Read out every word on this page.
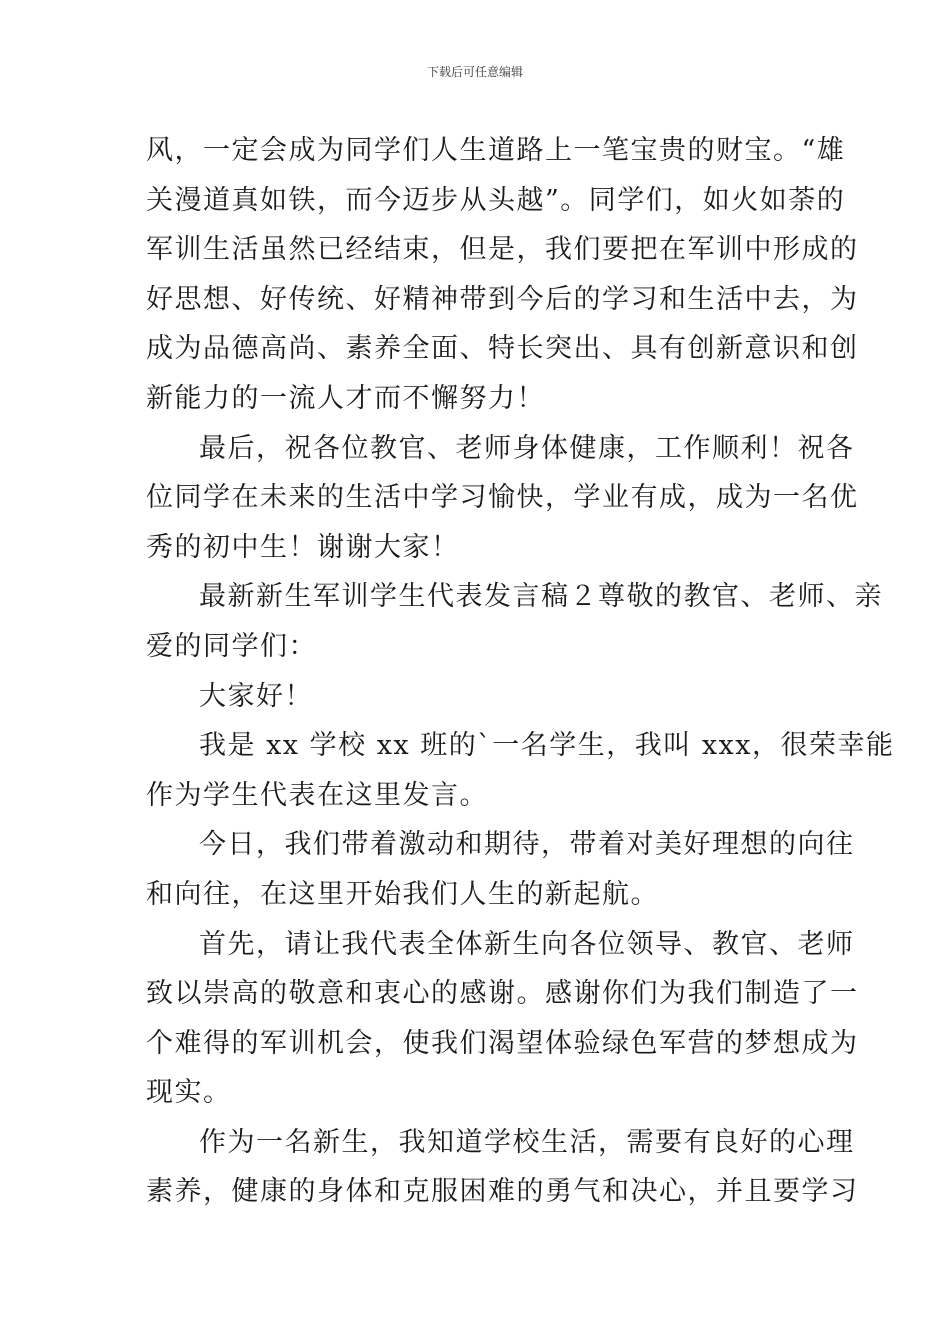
下载后可任意编辑

风，一定会成为同学们人生道路上一笔宝贵的财宝。“雄
关漫道真如铁，而今迈步从头越”。同学们，如火如荼的
军训生活虽然已经结束，但是，我们要把在军训中形成的
好思想、好传统、好精神带到今后的学习和生活中去，为
成为品德高尚、素养全面、特长突出、具有创新意识和创
新能力的一流人才而不懈努力！

最后，祝各位教官、老师身体健康，工作顺利！祝各
位同学在未来的生活中学习愉快，学业有成，成为一名优
秀的初中生！谢谢大家！

最新新生军训学生代表发言稿２尊敬的教官、老师、亲
爱的同学们：

大家好！

我是 xx 学校 xx 班的`一名学生，我叫 xxx，很荣幸能
作为学生代表在这里发言。

今日，我们带着激动和期待，带着对美好理想的向往
和向往，在这里开始我们人生的新起航。

首先，请让我代表全体新生向各位领导、教官、老师
致以崇高的敬意和衷心的感谢。感谢你们为我们制造了一
个难得的军训机会，使我们渴望体验绿色军营的梦想成为
现实。

作为一名新生，我知道学校生活，需要有良好的心理
素养，健康的身体和克服困难的勇气和决心，并且要学习
